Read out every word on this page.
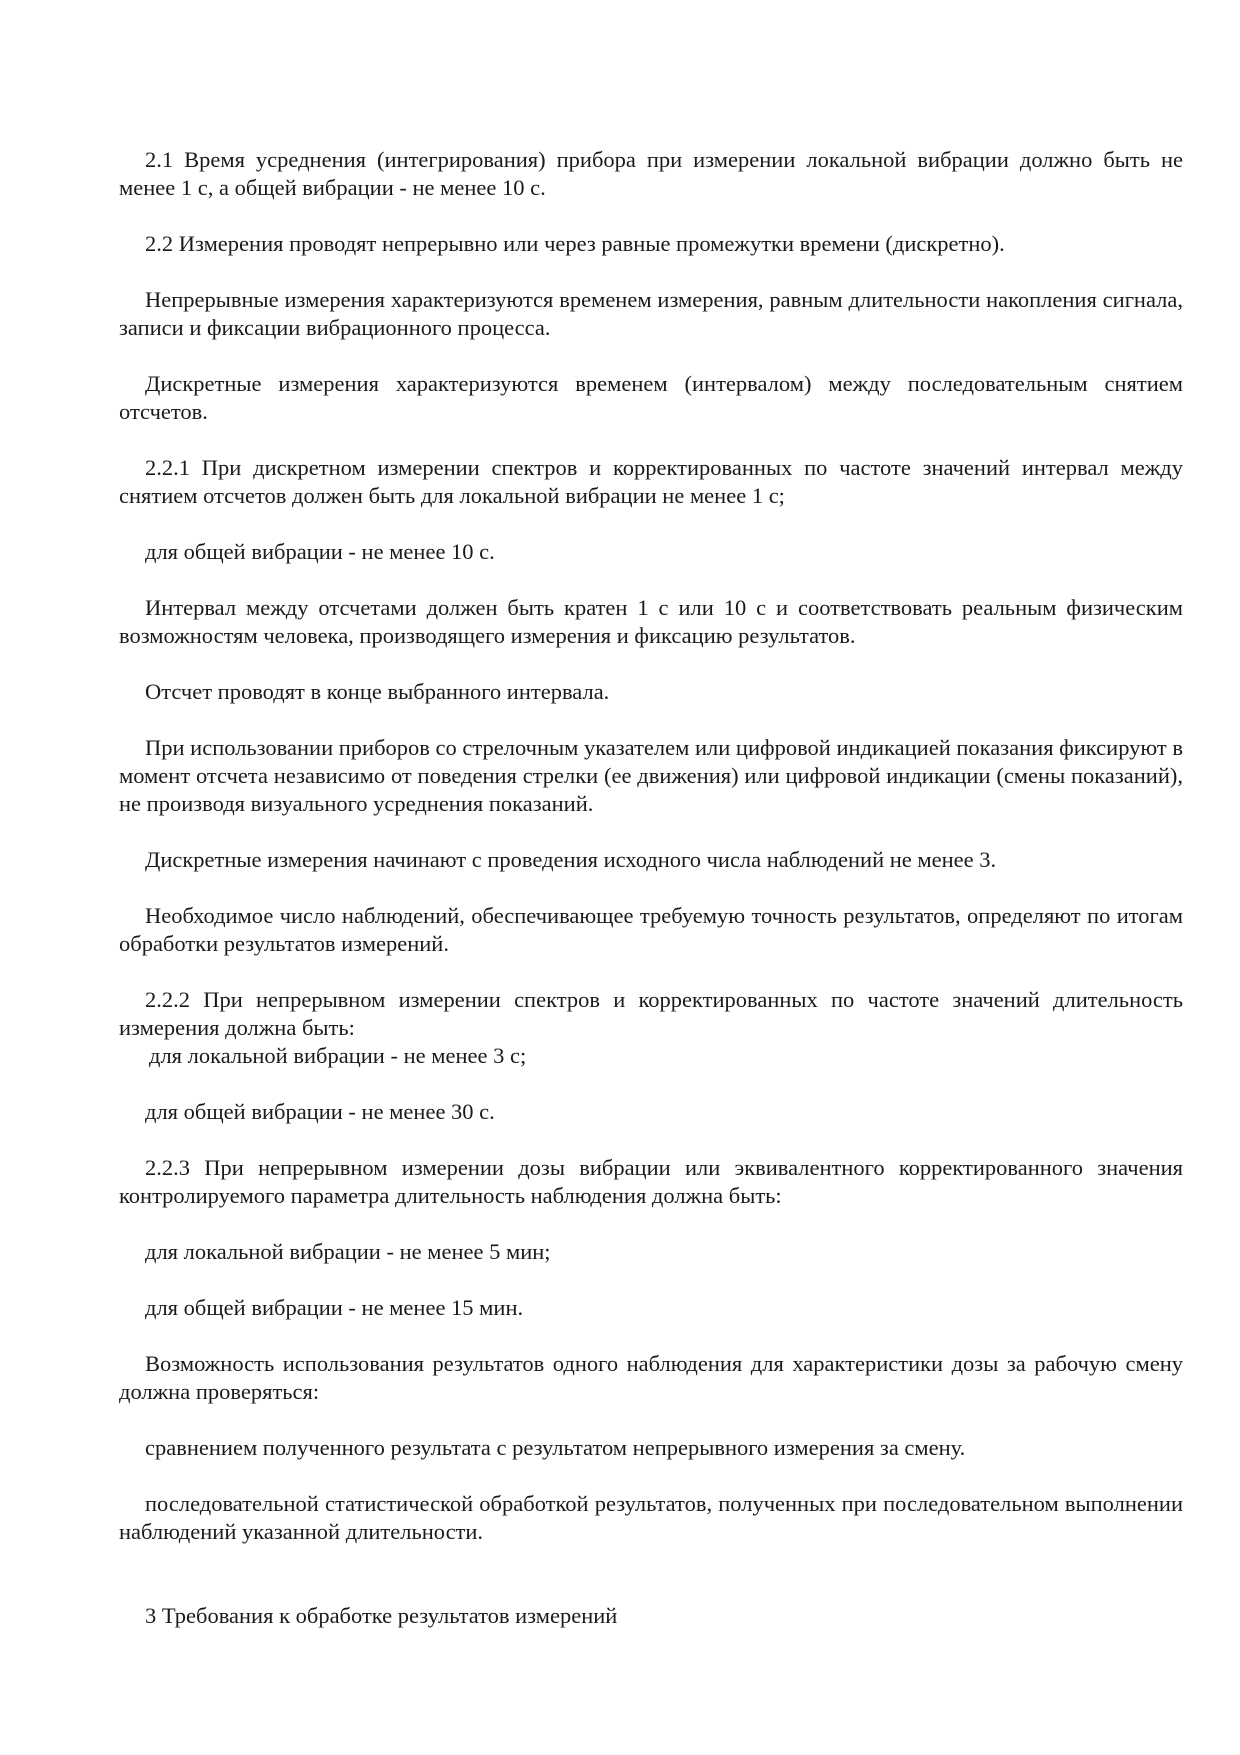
2.1 Время усреднения (интегрирования) прибора при измерении локальной вибрации должно быть не менее 1 с, а общей вибрации - не менее 10 с.

2.2 Измерения проводят непрерывно или через равные промежутки времени (дискретно).

Непрерывные измерения характеризуются временем измерения, равным длительности накопления сигнала, записи и фиксации вибрационного процесса.

Дискретные измерения характеризуются временем (интервалом) между последовательным снятием отсчетов.

2.2.1 При дискретном измерении спектров и корректированных по частоте значений интервал между снятием отсчетов должен быть для локальной вибрации не менее 1 с;

для общей вибрации - не менее 10 с.

Интервал между отсчетами должен быть кратен 1 с или 10 с и соответствовать реальным физическим возможностям человека, производящего измерения и фиксацию результатов.

Отсчет проводят в конце выбранного интервала.

При использовании приборов со стрелочным указателем или цифровой индикацией показания фиксируют в момент отсчета независимо от поведения стрелки (ее движения) или цифровой индикации (смены показаний), не производя визуального усреднения показаний.

Дискретные измерения начинают с проведения исходного числа наблюдений не менее 3.

Необходимое число наблюдений, обеспечивающее требуемую точность результатов, определяют по итогам обработки результатов измерений.

2.2.2 При непрерывном измерении спектров и корректированных по частоте значений длительность измерения должна быть:

для локальной вибрации - не менее 3 с;

для общей вибрации - не менее 30 с.

2.2.3 При непрерывном измерении дозы вибрации или эквивалентного корректированного значения контролируемого параметра длительность наблюдения должна быть:

для локальной вибрации - не менее 5 мин;

для общей вибрации - не менее 15 мин.

Возможность использования результатов одного наблюдения для характеристики дозы за рабочую смену должна проверяться:

сравнением полученного результата с результатом непрерывного измерения за смену.

последовательной статистической обработкой результатов, полученных при последовательном выполнении наблюдений указанной длительности.

3 Требования к обработке результатов измерений
